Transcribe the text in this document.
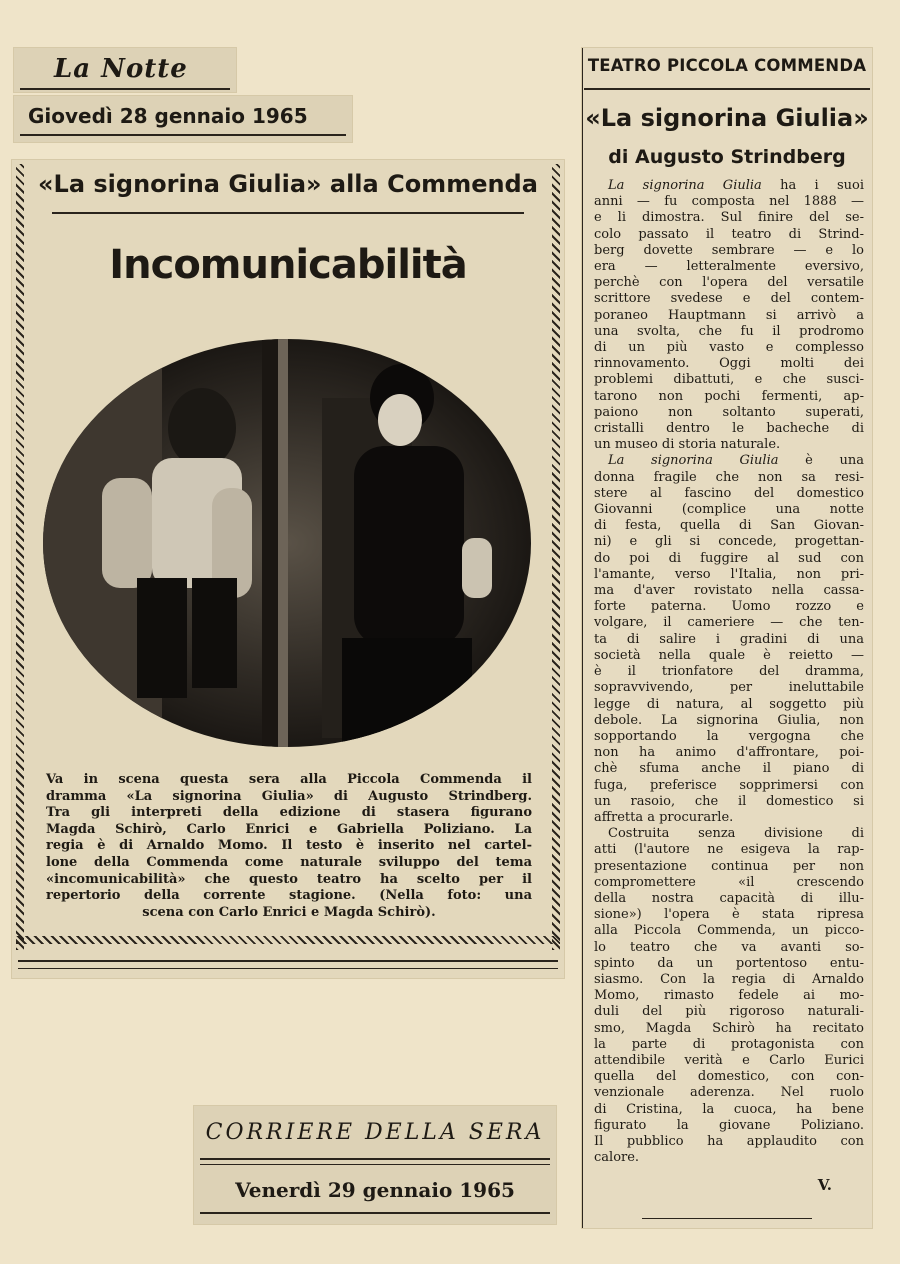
La Notte
Giovedì 28 gennaio 1965
«La signorina Giulia» alla Commenda
Incomunicabilità
Va in scena questa sera alla Piccola Commenda il
dramma «La signorina Giulia» di Augusto Strindberg.
Tra gli interpreti della edizione di stasera figurano
Magda Schirò, Carlo Enrici e Gabriella Poliziano. La
regia è di Arnaldo Momo. Il testo è inserito nel cartel-
lone della Commenda come naturale sviluppo del tema
«incomunicabilità» che questo teatro ha scelto per il
repertorio della corrente stagione. (Nella foto: una
scena con Carlo Enrici e Magda Schirò).
CORRIERE DELLA SERA
Venerdì 29 gennaio 1965
TEATRO PICCOLA COMMENDA
«La signorina Giulia»
di Augusto Strindberg
La signorina Giulia ha i suoi
anni — fu composta nel 1888 —
e li dimostra. Sul finire del se-
colo passato il teatro di Strind-
berg dovette sembrare — e lo
era — letteralmente eversivo,
perchè con l'opera del versatile
scrittore svedese e del contem-
poraneo Hauptmann si arrivò a
una svolta, che fu il prodromo
di un più vasto e complesso
rinnovamento. Oggi molti dei
problemi dibattuti, e che susci-
tarono non pochi fermenti, ap-
paiono non soltanto superati,
cristalli dentro le bacheche di
un museo di storia naturale.
La signorina Giulia è una
donna fragile che non sa resi-
stere al fascino del domestico
Giovanni (complice una notte
di festa, quella di San Giovan-
ni) e gli si concede, progettan-
do poi di fuggire al sud con
l'amante, verso l'Italia, non pri-
ma d'aver rovistato nella cassa-
forte paterna. Uomo rozzo e
volgare, il cameriere — che ten-
ta di salire i gradini di una
società nella quale è reietto —
è il trionfatore del dramma,
sopravvivendo, per ineluttabile
legge di natura, al soggetto più
debole. La signorina Giulia, non
sopportando la vergogna che
non ha animo d'affrontare, poi-
chè sfuma anche il piano di
fuga, preferisce sopprimersi con
un rasoio, che il domestico si
affretta a procurarle.
Costruita senza divisione di
atti (l'autore ne esigeva la rap-
presentazione continua per non
compromettere «il crescendo
della nostra capacità di illu-
sione») l'opera è stata ripresa
alla Piccola Commenda, un picco-
lo teatro che va avanti so-
spinto da un portentoso entu-
siasmo. Con la regia di Arnaldo
Momo, rimasto fedele ai mo-
duli del più rigoroso naturali-
smo, Magda Schirò ha recitato
la parte di protagonista con
attendibile verità e Carlo Eurici
quella del domestico, con con-
venzionale aderenza. Nel ruolo
di Cristina, la cuoca, ha bene
figurato la giovane Poliziano.
Il pubblico ha applaudito con
calore.
V.
